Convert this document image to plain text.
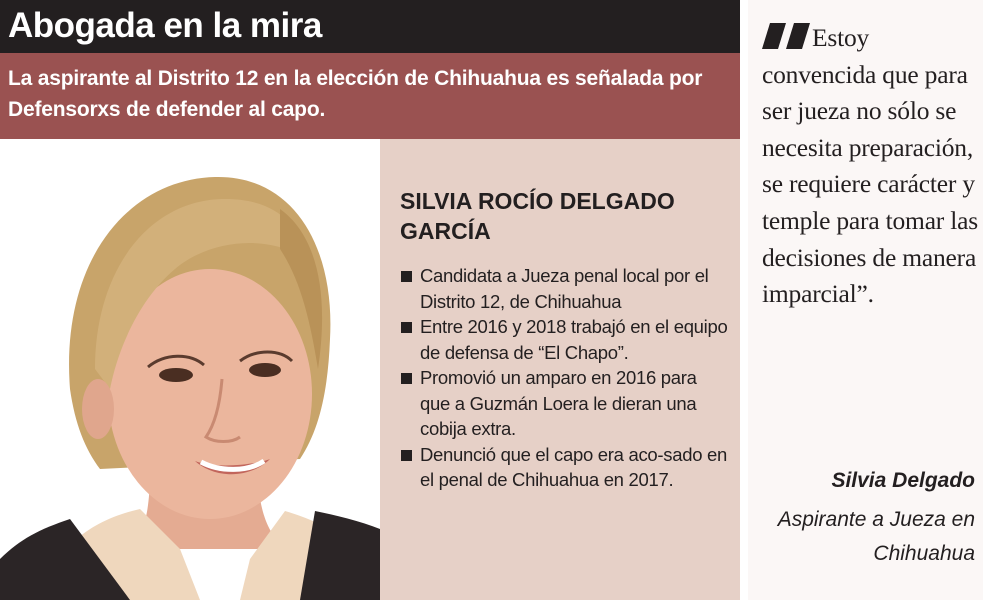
Abogada en la mira
La aspirante al Distrito 12 en la elección de Chihuahua es señalada por Defensorxs de defender al capo.
SILVIA ROCÍO DELGADO GARCÍA
Candidata a Jueza penal local por el Distrito 12, de Chihuahua
Entre 2016 y 2018 trabajó en el equipo de defensa de “El Chapo”.
Promovió un amparo en 2016 para que a Guzmán Loera le dieran una cobija extra.
Denunció que el capo era aco-sado en el penal de Chihuahua en 2017.
Estoy convencida que para ser jueza no sólo se necesita preparación, se requiere carácter y temple para tomar las decisiones de manera imparcial”.
Silvia Delgado
Aspirante a Jueza en Chihuahua
